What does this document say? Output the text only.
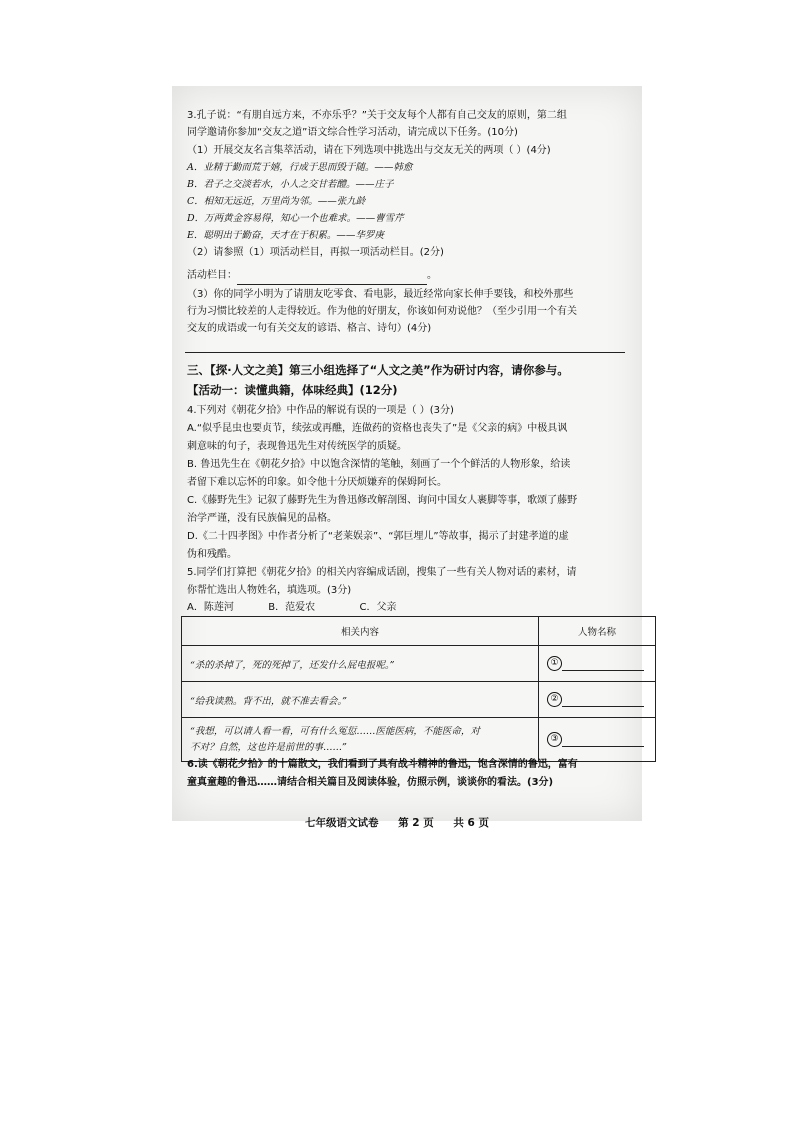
3.孔子说：“有朋自远方来，不亦乐乎？”关于交友每个人都有自己交友的原则，第二组
同学邀请你参加“交友之道”语文综合性学习活动，请完成以下任务。(10分)
（1）开展交友名言集萃活动，请在下列选项中挑选出与交友无关的两项（ ）(4分)
A．业精于勤而荒于嬉，行成于思而毁于随。——韩愈
B．君子之交淡若水，小人之交甘若醴。——庄子
C．相知无远近，万里尚为邻。——张九龄
D．万两黄金容易得，知心一个也难求。——曹雪芹
E．聪明出于勤奋，天才在于积累。——华罗庚
（2）请参照（1）项活动栏目，再拟一项活动栏目。(2分)
活动栏目：	。
（3）你的同学小明为了请朋友吃零食、看电影，最近经常向家长伸手要钱，和校外那些
行为习惯比较差的人走得较近。作为他的好朋友，你该如何劝说他？（至少引用一个有关
交友的成语或一句有关交友的谚语、格言、诗句）(4分)
三、【探·人文之美】第三小组选择了“人文之美”作为研讨内容，请你参与。
【活动一：读懂典籍，体味经典】(12分)
4.下列对《朝花夕拾》中作品的解说有误的一项是（ ）(3分)
A.“似乎昆虫也要贞节，续弦或再醮，连做药的资格也丧失了”是《父亲的病》中极具讽
刺意味的句子，表现鲁迅先生对传统医学的质疑。
B. 鲁迅先生在《朝花夕拾》中以饱含深情的笔触，刻画了一个个鲜活的人物形象，给读
者留下难以忘怀的印象。如令他十分厌烦嫌弃的保姆阿长。
C.《藤野先生》记叙了藤野先生为鲁迅修改解剖图、询问中国女人裹脚等事，歌颂了藤野
治学严谨，没有民族偏见的品格。
D.《二十四孝图》中作者分析了“老莱娱亲”、“郭巨埋儿”等故事，揭示了封建孝道的虚
伪和残酷。
5.同学们打算把《朝花夕拾》的相关内容编成话剧，搜集了一些有关人物对话的素材，请
你帮忙选出人物姓名，填选项。(3分)
A．陈莲河	B．范爱农	C．父亲
相关内容	人物名称
“杀的杀掉了，死的死掉了，还发什么屁电报呢。”	①
“给我读熟。背不出，就不准去看会。”	②

“我想，可以请人看一看，可有什么冤愆……医能医病，不能医命，对
不对？自然，这也许是前世的事……”	③
6.读《朝花夕拾》的十篇散文，我们看到了具有战斗精神的鲁迅，饱含深情的鲁迅，富有
童真童趣的鲁迅……请结合相关篇目及阅读体验，仿照示例，谈谈你的看法。(3分)
七年级语文试卷 第 2 页 共 6 页
